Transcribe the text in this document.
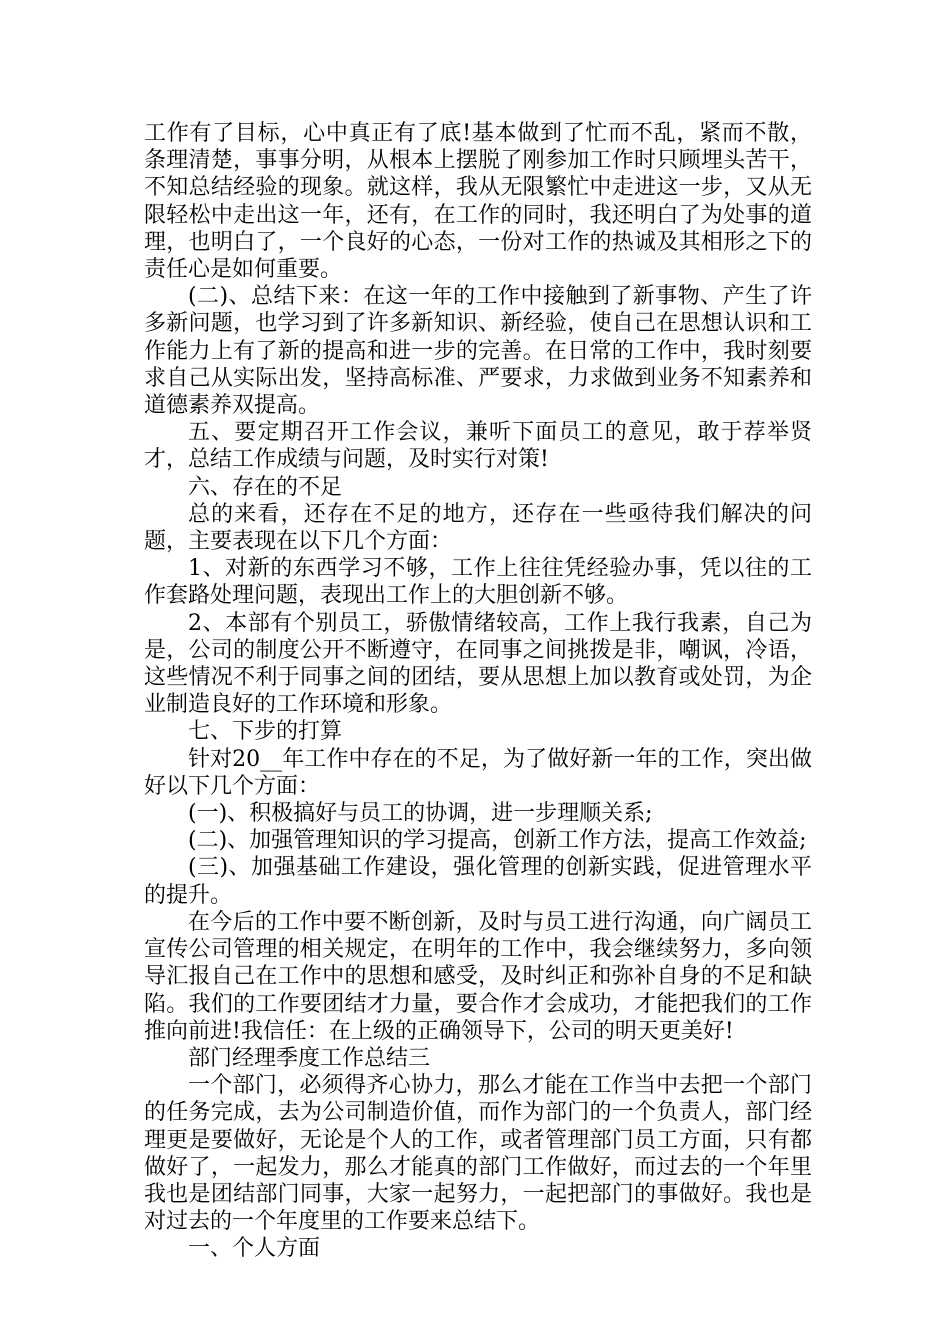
工作有了目标，心中真正有了底!基本做到了忙而不乱，紧而不散，条理清楚，事事分明，从根本上摆脱了刚参加工作时只顾埋头苦干，不知总结经验的现象。就这样，我从无限繁忙中走进这一步，又从无限轻松中走出这一年，还有，在工作的同时，我还明白了为处事的道理，也明白了，一个良好的心态，一份对工作的热诚及其相形之下的责任心是如何重要。

(二)、总结下来：在这一年的工作中接触到了新事物、产生了许多新问题，也学习到了许多新知识、新经验，使自己在思想认识和工作能力上有了新的提高和进一步的完善。在日常的工作中，我时刻要求自己从实际出发，坚持高标准、严要求，力求做到业务不知素养和道德素养双提高。

五、要定期召开工作会议，兼听下面员工的意见，敢于荐举贤才，总结工作成绩与问题，及时实行对策!

六、存在的不足

总的来看，还存在不足的地方，还存在一些亟待我们解决的问题，主要表现在以下几个方面：

1、对新的东西学习不够，工作上往往凭经验办事，凭以往的工作套路处理问题，表现出工作上的大胆创新不够。

2、本部有个别员工，骄傲情绪较高，工作上我行我素，自己为是，公司的制度公开不断遵守，在同事之间挑拨是非，嘲讽，冷语，这些情况不利于同事之间的团结，要从思想上加以教育或处罚，为企业制造良好的工作环境和形象。

七、下步的打算

针对20__年工作中存在的不足，为了做好新一年的工作，突出做好以下几个方面：

(一)、积极搞好与员工的协调，进一步理顺关系;

(二)、加强管理知识的学习提高，创新工作方法，提高工作效益;

(三)、加强基础工作建设，强化管理的创新实践，促进管理水平的提升。

在今后的工作中要不断创新，及时与员工进行沟通，向广阔员工宣传公司管理的相关规定，在明年的工作中，我会继续努力，多向领导汇报自己在工作中的思想和感受，及时纠正和弥补自身的不足和缺陷。我们的工作要团结才力量，要合作才会成功，才能把我们的工作推向前进!我信任：在上级的正确领导下，公司的明天更美好!

部门经理季度工作总结三

一个部门，必须得齐心协力，那么才能在工作当中去把一个部门的任务完成，去为公司制造价值，而作为部门的一个负责人，部门经理更是要做好，无论是个人的工作，或者管理部门员工方面，只有都做好了，一起发力，那么才能真的部门工作做好，而过去的一个年里我也是团结部门同事，大家一起努力，一起把部门的事做好。我也是对过去的一个年度里的工作要来总结下。

一、个人方面
